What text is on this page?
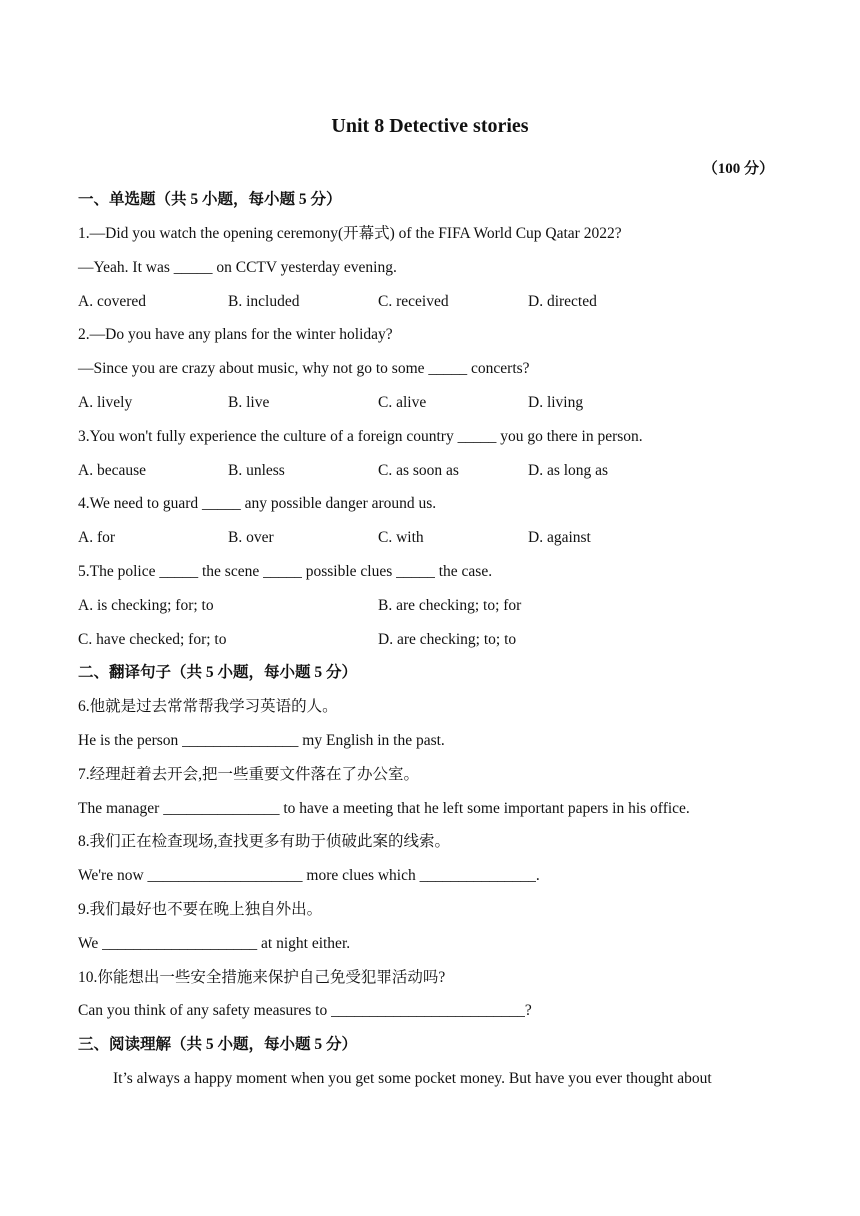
Unit 8 Detective stories
（100 分）
一、单选题（共 5 小题，每小题 5 分）
1.—Did you watch the opening ceremony(开幕式) of the FIFA World Cup Qatar 2022?
—Yeah. It was _____ on CCTV yesterday evening.
A. covered	B. included	C. received	D. directed
2.—Do you have any plans for the winter holiday?
—Since you are crazy about music, why not go to some _____ concerts?
A. lively	B. live	C. alive	D. living
3.You won't fully experience the culture of a foreign country _____ you go there in person.
A. because	B. unless	C. as soon as	D. as long as
4.We need to guard _____ any possible danger around us.
A. for	B. over	C. with	D. against
5.The police _____ the scene _____ possible clues _____ the case.
A. is checking; for; to	B. are checking; to; for
C. have checked; for; to	D. are checking; to; to
二、翻译句子（共 5 小题，每小题 5 分）
6.他就是过去常常帮我学习英语的人。
He is the person _______________ my English in the past.
7.经理赶着去开会,把一些重要文件落在了办公室。
The manager _______________ to have a meeting that he left some important papers in his office.
8.我们正在检查现场,查找更多有助于侦破此案的线索。
We're now ____________________ more clues which _______________.
9.我们最好也不要在晚上独自外出。
We ____________________ at night either.
10.你能想出一些安全措施来保护自己免受犯罪活动吗?
Can you think of any safety measures to _________________________?
三、阅读理解（共 5 小题，每小题 5 分）
It’s always a happy moment when you get some pocket money. But have you ever thought about
